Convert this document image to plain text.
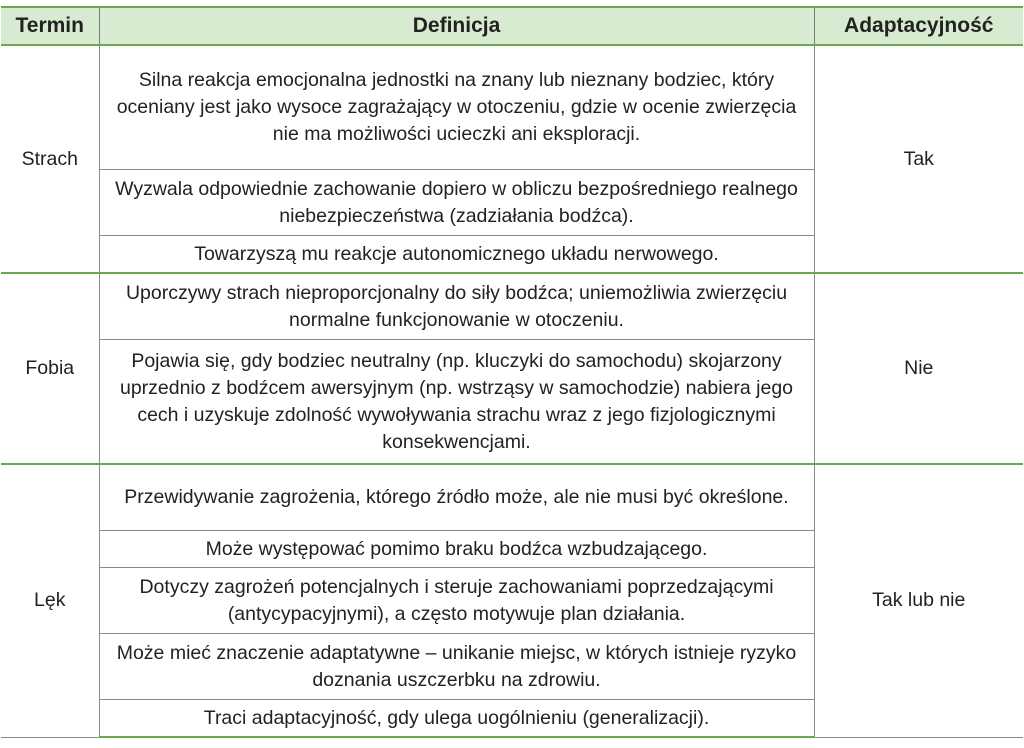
Termin	Definicja	Adaptacyjność
Strach	Silna reakcja emocjonalna jednostki na znany lub nieznany bodziec, który oceniany jest jako wysoce zagrażający w otoczeniu, gdzie w ocenie zwierzęcia nie ma możliwości ucieczki ani eksploracji.	Tak
	Wyzwala odpowiednie zachowanie dopiero w obliczu bezpośredniego realnego niebezpieczeństwa (zadziałania bodźca).	
	Towarzyszą mu reakcje autonomicznego układu nerwowego.	
Fobia	Uporczywy strach nieproporcjonalny do siły bodźca; uniemożliwia zwierzęciu normalne funkcjonowanie w otoczeniu.	Nie
	Pojawia się, gdy bodziec neutralny (np. kluczyki do samochodu) skojarzony uprzednio z bodźcem awersyjnym (np. wstrząsy w samochodzie) nabiera jego cech i uzyskuje zdolność wywoływania strachu wraz z jego fizjologicznymi konsekwencjami.	
Lęk	Przewidywanie zagrożenia, którego źródło może, ale nie musi być określone.	Tak lub nie
	Może występować pomimo braku bodźca wzbudzającego.	
	Dotyczy zagrożeń potencjalnych i steruje zachowaniami poprzedzającymi (antycypacyjnymi), a często motywuje plan działania.	
	Może mieć znaczenie adaptatywne – unikanie miejsc, w których istnieje ryzyko doznania uszczerbku na zdrowiu.	
	Traci adaptacyjność, gdy ulega uogólnieniu (generalizacji).	
